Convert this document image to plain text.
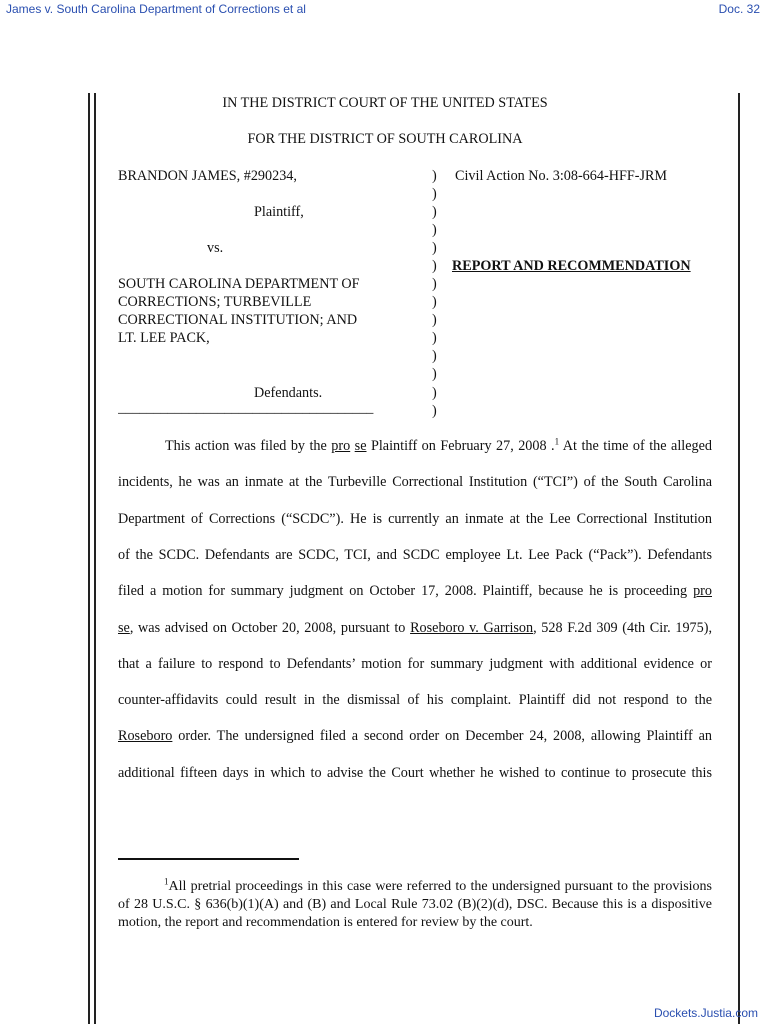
James v. South Carolina Department of Corrections et al	Doc. 32
IN THE DISTRICT COURT OF THE UNITED STATES
FOR THE DISTRICT OF SOUTH CAROLINA
BRANDON JAMES, #290234,
Plaintiff,
vs.
SOUTH CAROLINA DEPARTMENT OF
CORRECTIONS; TURBEVILLE
CORRECTIONAL INSTITUTION; AND
LT. LEE PACK,
Defendants.
____________________________________
)
)
)
)
)
)
)
)
)
)
)
)
)
)
Civil Action No. 3:08-664-HFF-JRM
REPORT AND RECOMMENDATION
This action was filed by the pro se Plaintiff on February 27, 2008 .$^1$ At the time of the alleged
incidents, he was an inmate at the Turbeville Correctional Institution (“TCI”) of the South Carolina
Department of Corrections (“SCDC”). He is currently an inmate at the Lee Correctional Institution
of the SCDC. Defendants are SCDC, TCI, and SCDC employee Lt. Lee Pack (“Pack”). Defendants
filed a motion for summary judgment on October 17, 2008. Plaintiff, because he is proceeding pro
se, was advised on October 20, 2008, pursuant to Roseboro v. Garrison, 528 F.2d 309 (4th Cir. 1975),
that a failure to respond to Defendants’ motion for summary judgment with additional evidence or
counter-affidavits could result in the dismissal of his complaint. Plaintiff did not respond to the
Roseboro order. The undersigned filed a second order on December 24, 2008, allowing Plaintiff an
additional fifteen days in which to advise the Court whether he wished to continue to prosecute this
$^1$All pretrial proceedings in this case were referred to the undersigned pursuant to the provisions of 28 U.S.C. § 636(b)(1)(A) and (B) and Local Rule 73.02 (B)(2)(d), DSC. Because this is a dispositive motion, the report and recommendation is entered for review by the court.
Dockets.Justia.com
